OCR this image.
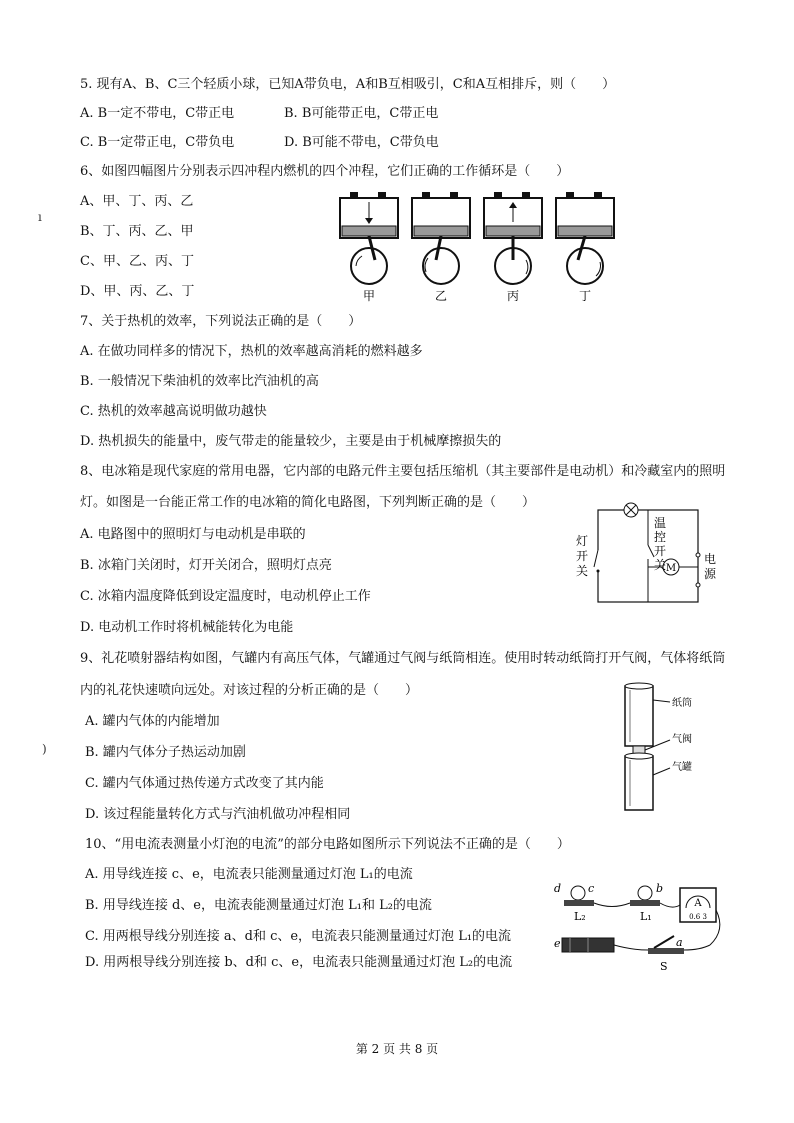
5. 现有A、B、C三个轻质小球，已知A带负电，A和B互相吸引，C和A互相排斥，则（　　）
A. B一定不带电，C带正电	B. B可能带正电，C带正电
C. B一定带正电，C带负电	D. B可能不带电，C带负电
6、如图四幅图片分别表示四冲程内燃机的四个冲程，它们正确的工作循环是（　　）
A、甲、丁、丙、乙
B、丁、丙、乙、甲
C、甲、乙、丙、丁
D、甲、丙、乙、丁	甲	乙	丙	丁
7、关于热机的效率，下列说法正确的是（　　）
A. 在做功同样多的情况下，热机的效率越高消耗的燃料越多
B. 一般情况下柴油机的效率比汽油机的高
C. 热机的效率越高说明做功越快
D. 热机损失的能量中，废气带走的能量较少，主要是由于机械摩擦损失的
8、电冰箱是现代家庭的常用电器，它内部的电路元件主要包括压缩机（其主要部件是电动机）和冷藏室内的照明
灯。如图是一台能正常工作的电冰箱的简化电路图，下列判断正确的是（　　）
A. 电路图中的照明灯与电动机是串联的
B. 冰箱门关闭时，灯开关闭合，照明灯点亮
C. 冰箱内温度降低到设定温度时，电动机停止工作
D. 电动机工作时将机械能转化为电能
M
灯开关
温控开关	电源
9、礼花喷射器结构如图，气罐内有高压气体，气罐通过气阀与纸筒相连。使用时转动纸筒打开气阀，气体将纸筒
内的礼花快速喷向远处。对该过程的分析正确的是（　　）
A. 罐内气体的内能增加
B. 罐内气体分子热运动加剧
C. 罐内气体通过热传递方式改变了其内能
D. 该过程能量转化方式与汽油机做功冲程相同
纸筒
气阀
气罐
10、“用电流表测量小灯泡的电流”的部分电路如图所示下列说法不正确的是（　　）
A. 用导线连接 c、e，电流表只能测量通过灯泡 L₁的电流
B. 用导线连接 d、e，电流表能测量通过灯泡 L₁和 L₂的电流
C. 用两根导线分别连接 a、d和 c、e，电流表只能测量通过灯泡 L₁的电流
D. 用两根导线分别连接 b、d和 c、e，电流表只能测量通过灯泡 L₂的电流
A
0.6 3
d c	b
e	a
L₂	L₁
S
ı
)
第 2 页 共 8 页
